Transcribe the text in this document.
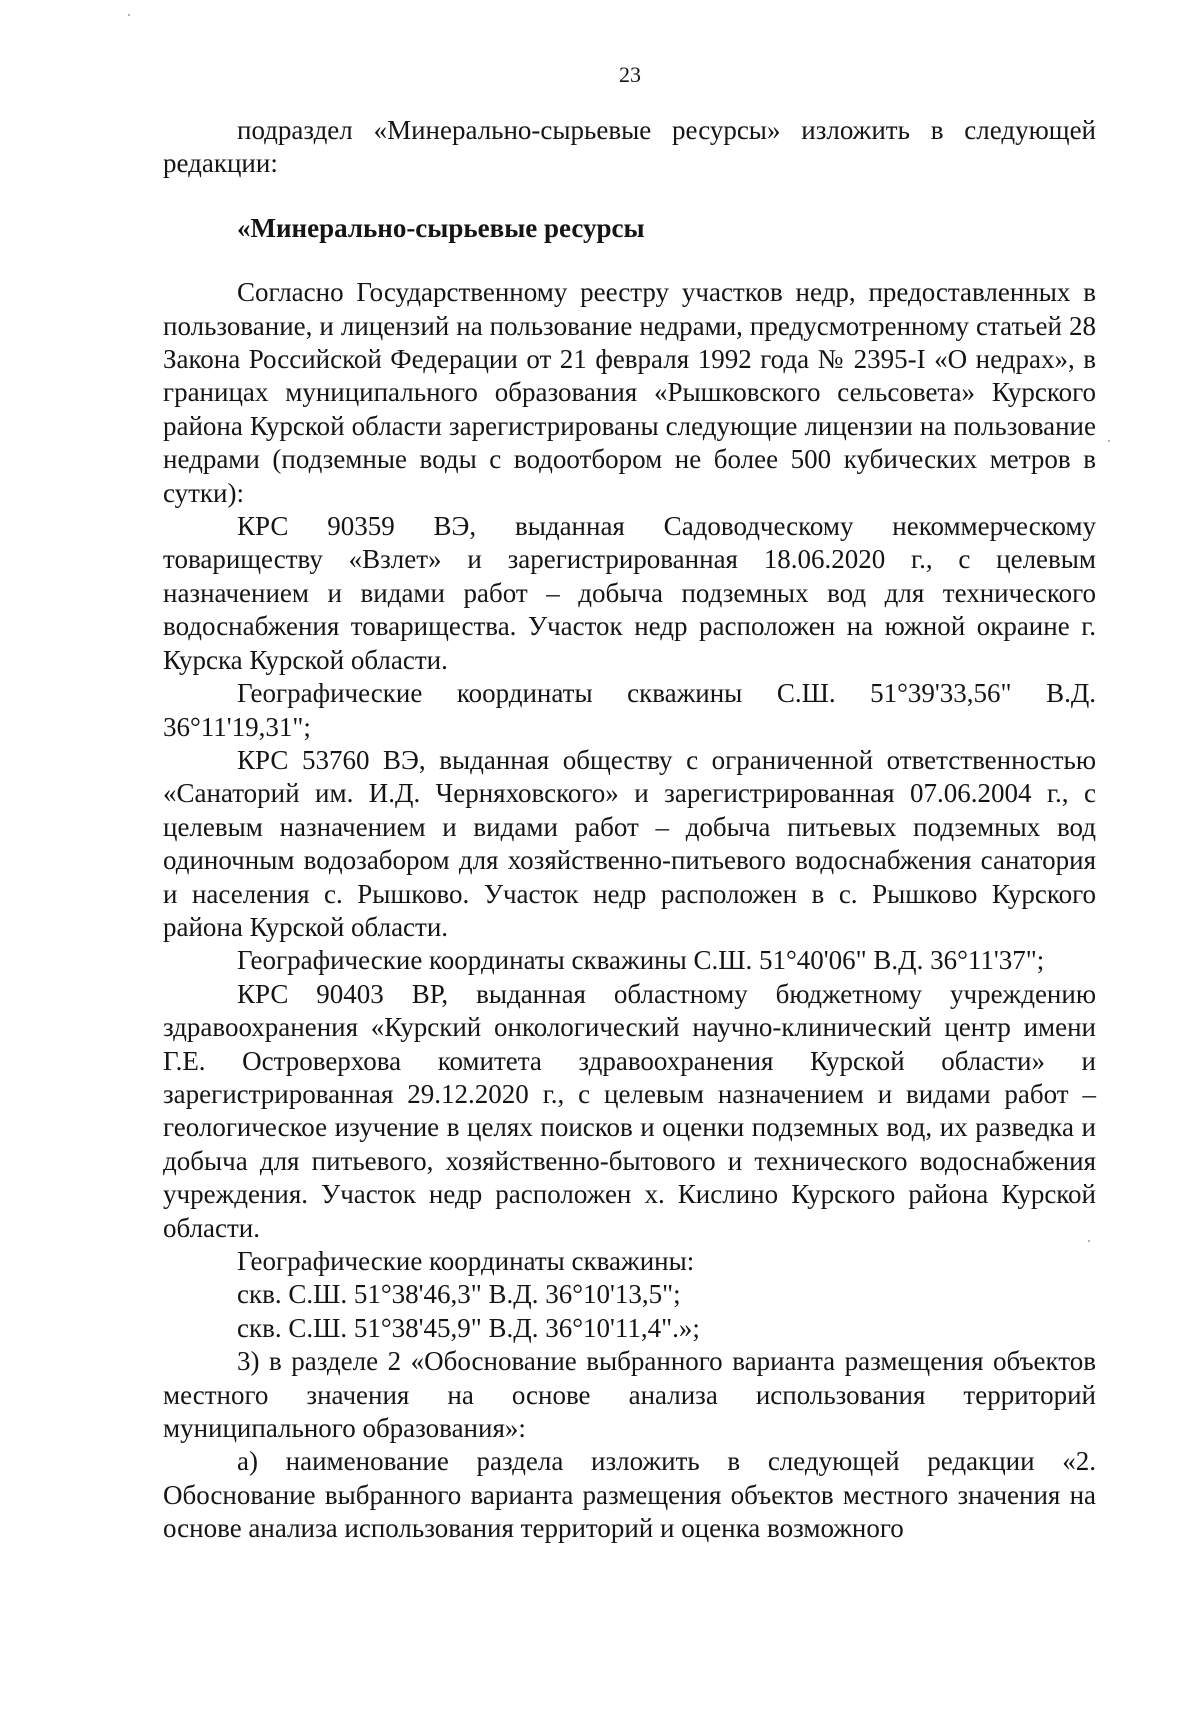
23

подраздел «Минерально-сырьевые ресурсы» изложить в следующей редакции:

«Минерально-сырьевые ресурсы

Согласно Государственному реестру участков недр, предоставленных в пользование, и лицензий на пользование недрами, предусмотренному статьей 28 Закона Российской Федерации от 21 февраля 1992 года № 2395-I «О недрах», в границах муниципального образования «Рышковского сельсовета» Курского района Курской области зарегистрированы следующие лицензии на пользование недрами (подземные воды с водоотбором не более 500 кубических метров в сутки):

КРС 90359 ВЭ, выданная Садоводческому некоммерческому товариществу «Взлет» и зарегистрированная 18.06.2020 г., с целевым назначением и видами работ – добыча подземных вод для технического водоснабжения товарищества. Участок недр расположен на южной окраине г. Курска Курской области.

Географические координаты скважины С.Ш. 51°39'33,56" В.Д. 36°11'19,31";

КРС 53760 ВЭ, выданная обществу с ограниченной ответственностью «Санаторий им. И.Д. Черняховского» и зарегистрированная 07.06.2004 г., с целевым назначением и видами работ – добыча питьевых подземных вод одиночным водозабором для хозяйственно-питьевого водоснабжения санатория и населения с. Рышково. Участок недр расположен в с. Рышково Курского района Курской области.

Географические координаты скважины С.Ш. 51°40'06" В.Д. 36°11'37";

КРС 90403 ВР, выданная областному бюджетному учреждению здравоохранения «Курский онкологический научно-клинический центр имени Г.Е. Островерхова комитета здравоохранения Курской области» и зарегистрированная 29.12.2020 г., с целевым назначением и видами работ – геологическое изучение в целях поисков и оценки подземных вод, их разведка и добыча для питьевого, хозяйственно-бытового и технического водоснабжения учреждения. Участок недр расположен х. Кислино Курского района Курской области.

Географические координаты скважины:

скв. С.Ш. 51°38'46,3" В.Д. 36°10'13,5";

скв. С.Ш. 51°38'45,9" В.Д. 36°10'11,4".»;

3) в разделе 2 «Обоснование выбранного варианта размещения объектов местного значения на основе анализа использования территорий муниципального образования»:

а) наименование раздела изложить в следующей редакции «2. Обоснование выбранного варианта размещения объектов местного значения на основе анализа использования территорий и оценка возможного
